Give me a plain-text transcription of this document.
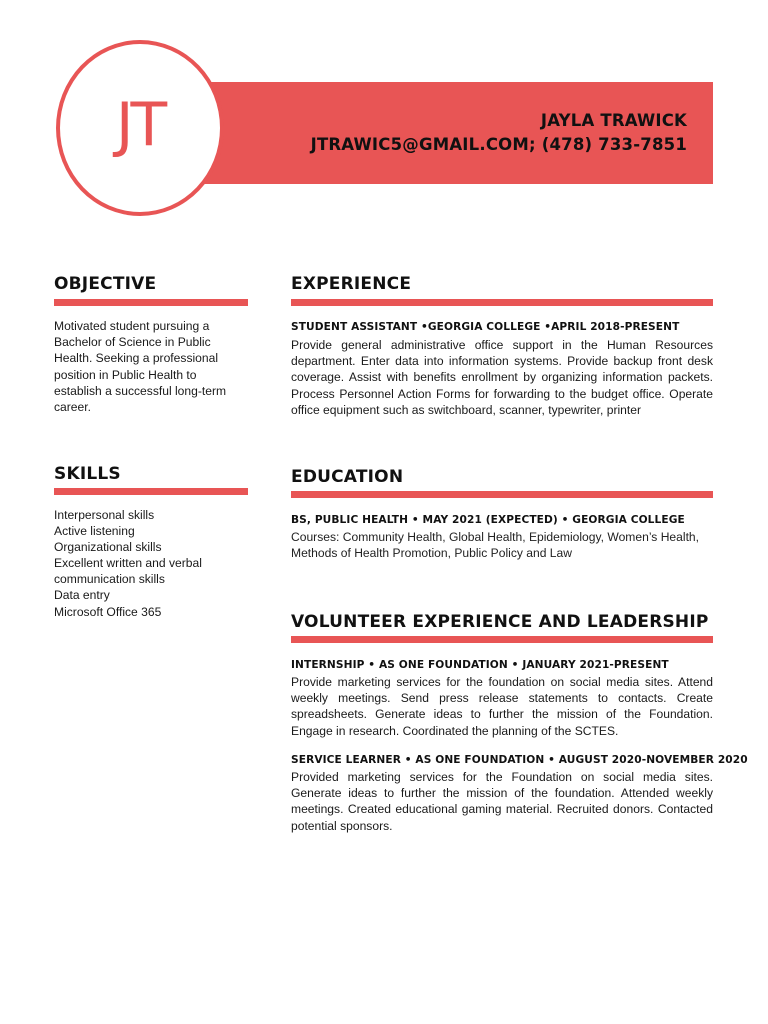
JT	JAYLA TRAWICK
JTRAWIC5@GMAIL.COM; (478) 733-7851
OBJECTIVE
Motivated student pursuing a Bachelor of Science in Public Health. Seeking a professional position in Public Health to establish a successful long-term career.
SKILLS
Interpersonal skills
Active listening
Organizational skills
Excellent written and verbal communication skills
Data entry
Microsoft Office 365
EXPERIENCE
STUDENT ASSISTANT •GEORGIA COLLEGE •APRIL 2018-PRESENT
Provide general administrative office support in the Human Resources department. Enter data into information systems. Provide backup front desk coverage. Assist with benefits enrollment by organizing information packets. Process Personnel Action Forms for forwarding to the budget office. Operate office equipment such as switchboard, scanner, typewriter, printer
EDUCATION
BS, PUBLIC HEALTH • MAY 2021 (EXPECTED) • GEORGIA COLLEGE
Courses: Community Health, Global Health, Epidemiology, Women’s Health, Methods of Health Promotion, Public Policy and Law
VOLUNTEER EXPERIENCE AND LEADERSHIP
INTERNSHIP • AS ONE FOUNDATION • JANUARY 2021-PRESENT
Provide marketing services for the foundation on social media sites. Attend weekly meetings. Send press release statements to contacts. Create spreadsheets. Generate ideas to further the mission of the Foundation. Engage in research. Coordinated the planning of the SCTES.
SERVICE LEARNER • AS ONE FOUNDATION • AUGUST 2020-NOVEMBER 2020
Provided marketing services for the Foundation on social media sites. Generate ideas to further the mission of the foundation. Attended weekly meetings. Created educational gaming material. Recruited donors. Contacted potential sponsors.
